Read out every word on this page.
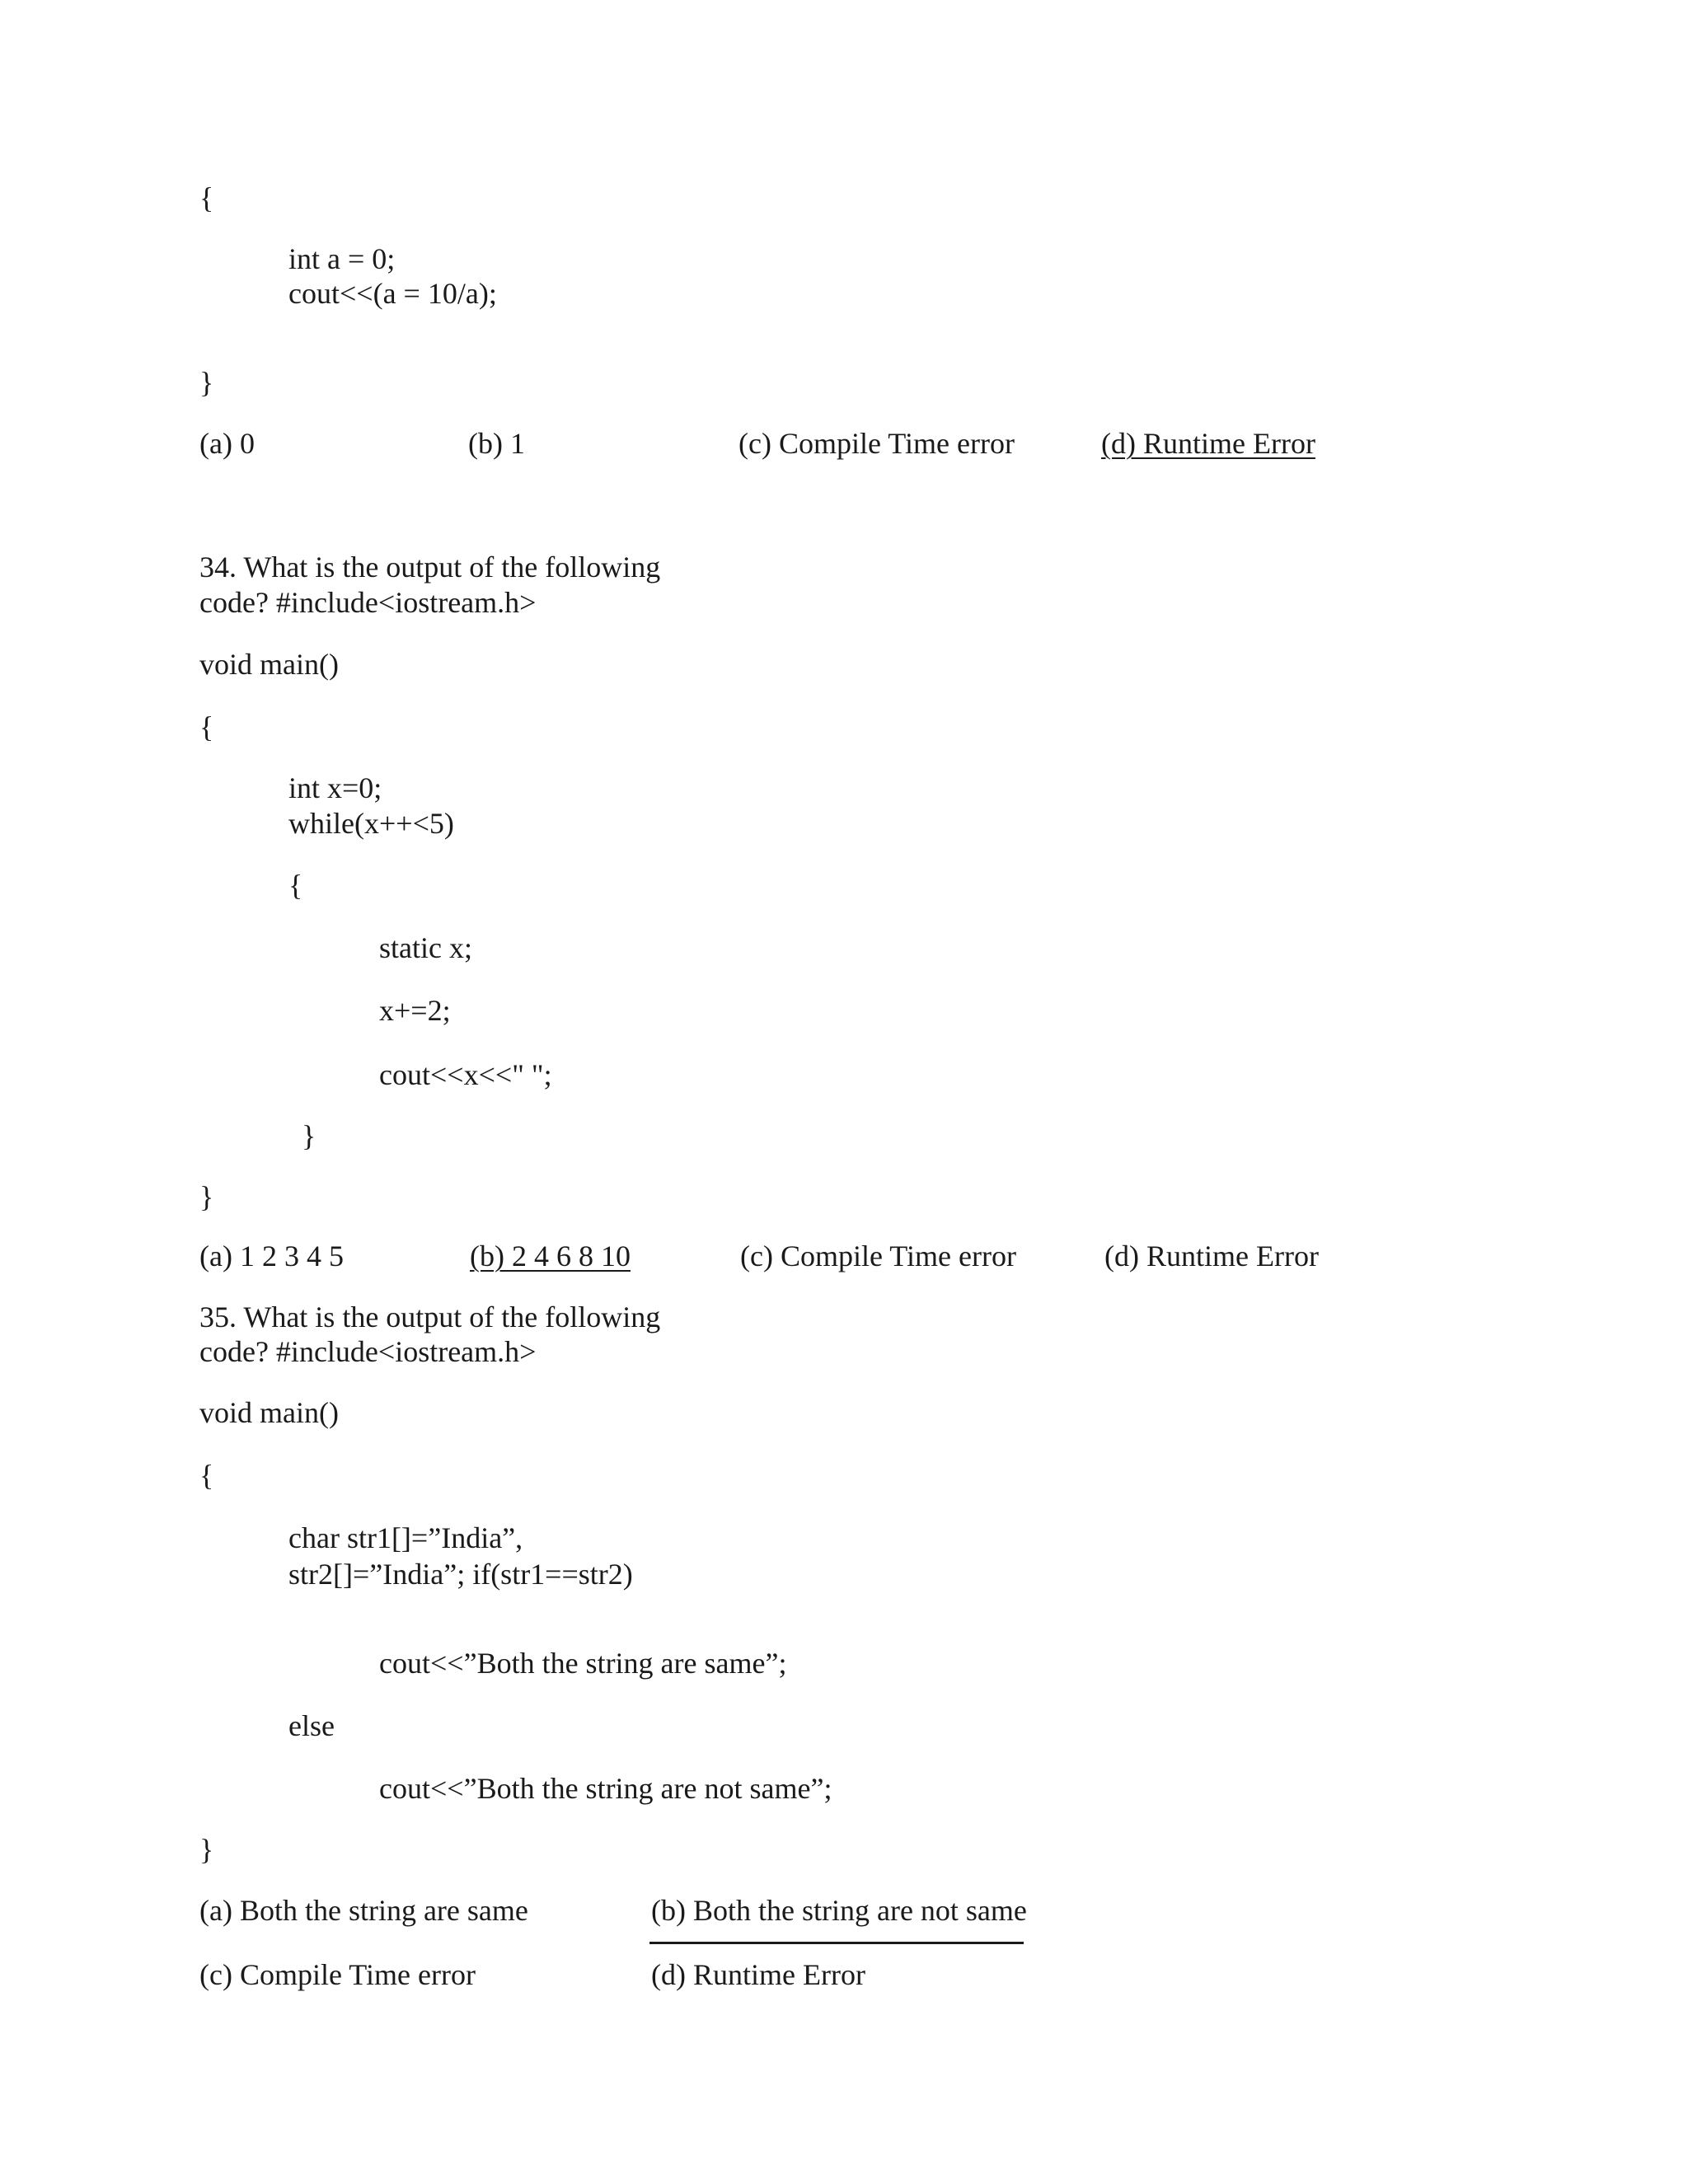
{
int a = 0;
cout<<(a = 10/a);
}
(a) 0	(b) 1	(c) Compile Time error	(d) Runtime Error
34. What is the output of the following
code? #include<iostream.h>
void main()
{
int x=0;
while(x++<5)
{
static x;
x+=2;
cout<<x<<" ";
}
}
(a) 1 2 3 4 5	(b) 2 4 6 8 10	(c) Compile Time error	(d) Runtime Error
35. What is the output of the following
code? #include<iostream.h>
void main()
{
char str1[]=”India”,
str2[]=”India”; if(str1==str2)
cout<<”Both the string are same”;
else
cout<<”Both the string are not same”;
}
(a) Both the string are same	(b) Both the string are not same
(c) Compile Time error	(d) Runtime Error
